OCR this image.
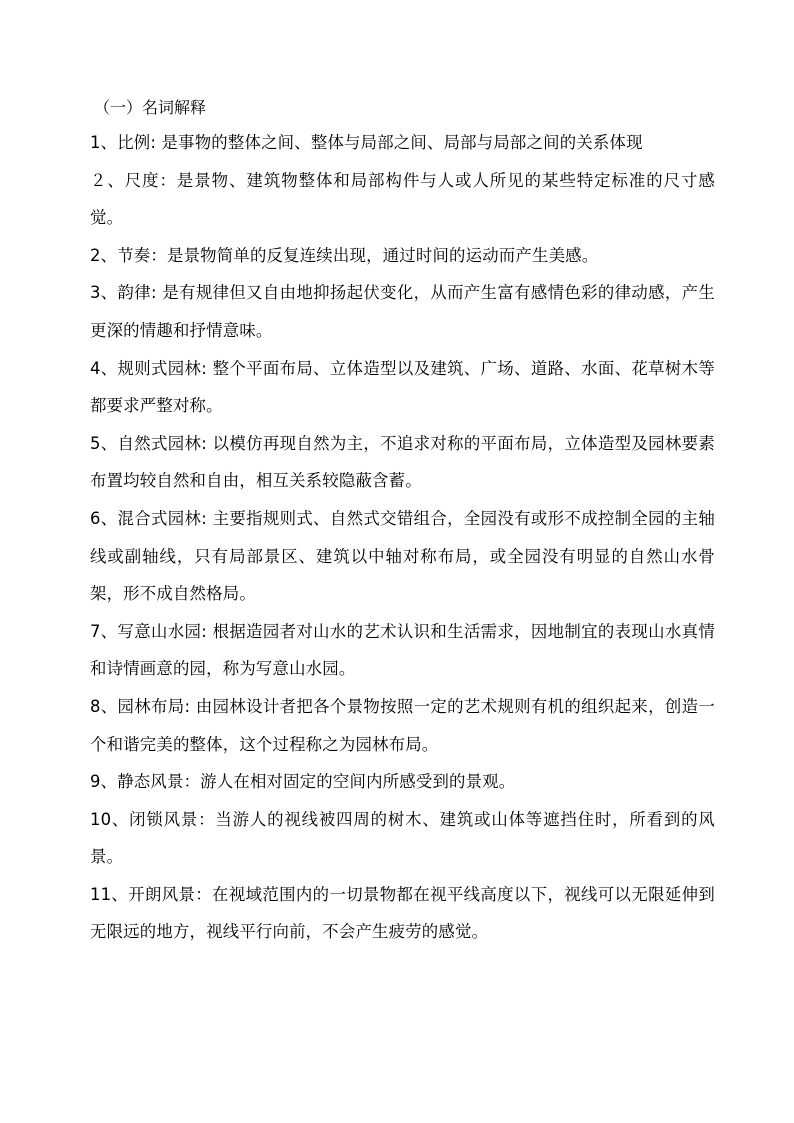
（一）名词解释

1、比例: 是事物的整体之间、整体与局部之间、局部与局部之间的关系体现

２、尺度：是景物、建筑物整体和局部构件与人或人所见的某些特定标准的尺寸感觉。

2、节奏：是景物简单的反复连续出现，通过时间的运动而产生美感。

3、韵律: 是有规律但又自由地抑扬起伏变化，从而产生富有感情色彩的律动感，产生更深的情趣和抒情意味。

4、规则式园林: 整个平面布局、立体造型以及建筑、广场、道路、水面、花草树木等都要求严整对称。

5、自然式园林: 以模仿再现自然为主，不追求对称的平面布局，立体造型及园林要素布置均较自然和自由，相互关系较隐蔽含蓄。

6、混合式园林: 主要指规则式、自然式交错组合，全园没有或形不成控制全园的主轴线或副轴线，只有局部景区、建筑以中轴对称布局，或全园没有明显的自然山水骨架，形不成自然格局。

7、写意山水园: 根据造园者对山水的艺术认识和生活需求，因地制宜的表现山水真情和诗情画意的园，称为写意山水园。

8、园林布局: 由园林设计者把各个景物按照一定的艺术规则有机的组织起来，创造一个和谐完美的整体，这个过程称之为园林布局。

9、静态风景：游人在相对固定的空间内所感受到的景观。

10、闭锁风景：当游人的视线被四周的树木、建筑或山体等遮挡住时，所看到的风景。

11、开朗风景：在视域范围内的一切景物都在视平线高度以下，视线可以无限延伸到无限远的地方，视线平行向前，不会产生疲劳的感觉。
